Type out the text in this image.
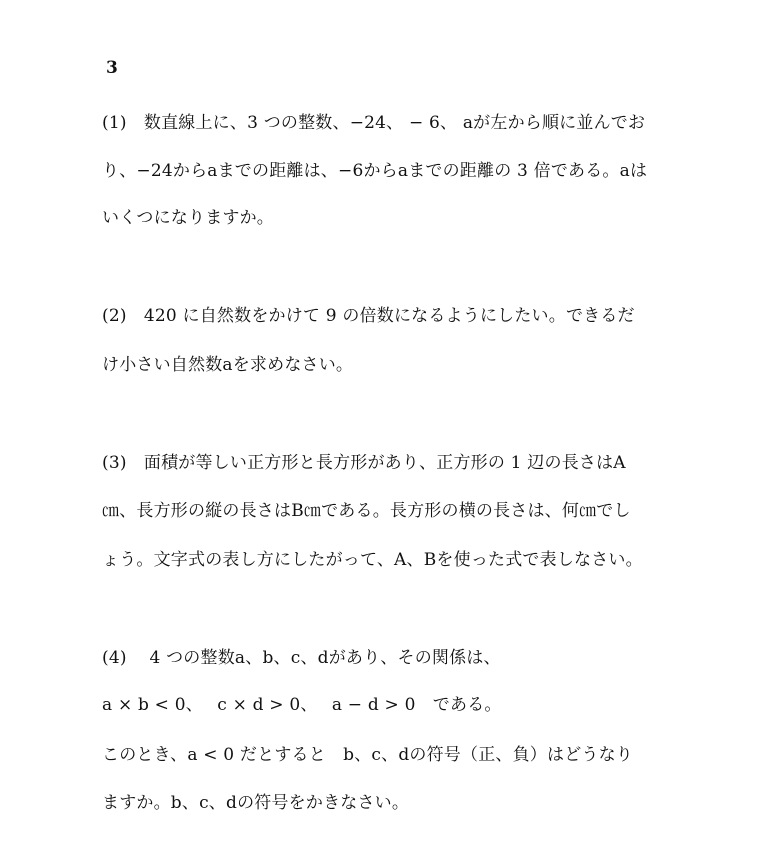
3
(1)　数直線上に、3 つの整数、−24、 − 6、 aが左から順に並んでお
り、−24からaまでの距離は、−6からaまでの距離の 3 倍である。aは
いくつになりますか。
(2)　420 に自然数をかけて 9 の倍数になるようにしたい。できるだ
け小さい自然数aを求めなさい。
(3)　面積が等しい正方形と長方形があり、正方形の 1 辺の長さはA
㎝、長方形の縦の長さはB㎝である。長方形の横の長さは、何㎝でし
ょう。文字式の表し方にしたがって、A、Bを使った式で表しなさい。
(4)　 4 つの整数a、b、c、dがあり、その関係は、
a × b < 0、　 c × d > 0、　 a − d > 0　である。
このとき、a < 0 だとすると　b、c、dの符号（正、負）はどうなり
ますか。b、c、dの符号をかきなさい。
